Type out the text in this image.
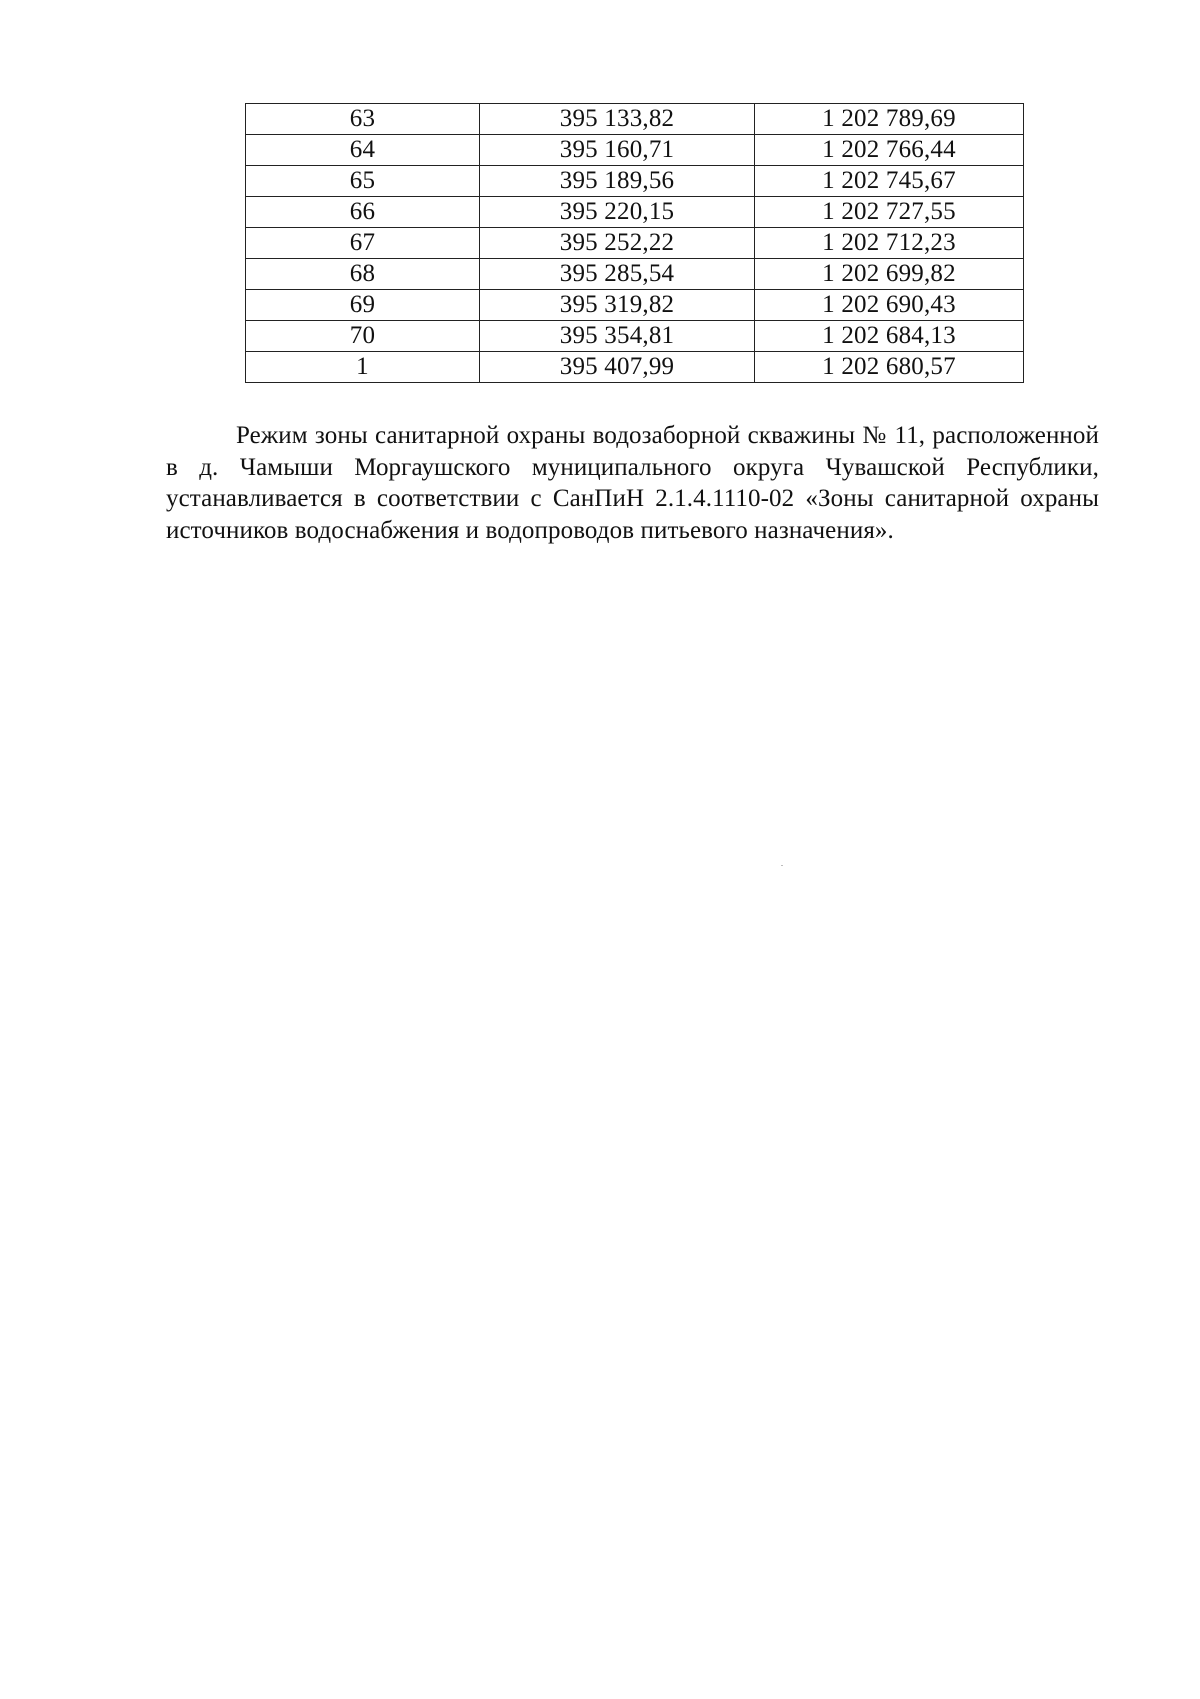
63	395 133,82	1 202 789,69
64	395 160,71	1 202 766,44
65	395 189,56	1 202 745,67
66	395 220,15	1 202 727,55
67	395 252,22	1 202 712,23
68	395 285,54	1 202 699,82
69	395 319,82	1 202 690,43
70	395 354,81	1 202 684,13
1	395 407,99	1 202 680,57

Режим зоны санитарной охраны водозаборной скважины № 11, расположенной в д. Чамыши Моргаушского муниципального округа Чувашской Республики, устанавливается в соответствии с СанПиН 2.1.4.1110-02 «Зоны санитарной охраны источников водоснабжения и водопроводов питьевого назначения».
